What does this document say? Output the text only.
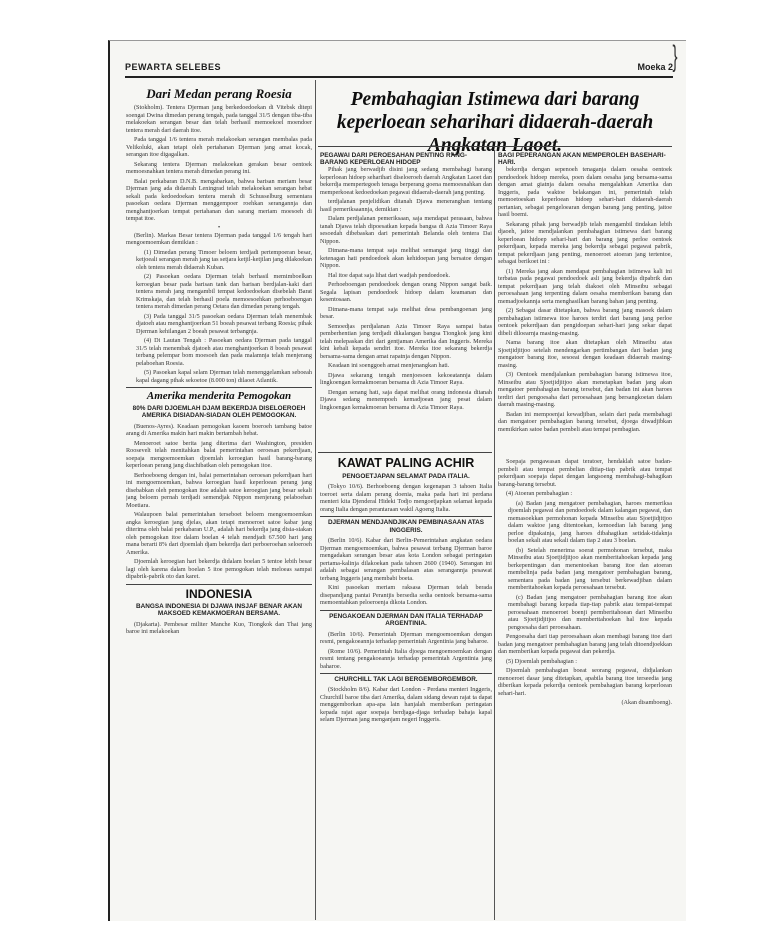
PEWARTA SELEBES	Moeka 2 }
Dari Medan perang Roesia

(Stokholm). Tentera Djerman jang berkedoedoekan di Vitebsk ditepi soengai Dwina dimedan perang tengah, pada tanggal 31/5 dengan tiba-tiba melakoekan serangan besar dan telah berhasil memoekoel moendoer tentera merah dari daerah itoe.

Pada tanggal 1/6 tentera merah melakoekan serangan membalas pada Velikoluki, akan tetapi oleh pertahanan Djerman jang amat kocak, serangan itoe digagalkan.

Sekarang tentera Djerman melakoekan gerakan besar oentoek memoesnahkan tentera merah dimedan perang ini.

Balai perkabaran D.N.B. mengabarkan, bahwa barisan meriam besar Djerman jang ada didaerah Leningrad telah melakoekan serangan hebat sekali pada kedoedoekan tentera merah di Schusselburg sementara pasoekan oedara Djerman menggempoer roehkan serangannja dan menghantjoerkan tempat pertahanan dan sarang meriam moesoeh di tempat itoe.

•

(Berlin). Markas Besar tentera Djerman pada tanggal 1/6 tengah hari mengoemoemkan demikian :

(1) Dimedan perang Timoer beloem terdjadi pertempoeran besar, ketjoeali serangan merah jang tas setjara ketjil-ketjilan jang dilakoekan oleh tentera merah didaerah Kuban.

(2) Pasoekan oedara Djerman telah berhasil memimboelkan keroegian besar pada barisan tank dan barisan berdjalan-kaki dari tentera merah jang mengambil tempat kedoedoekan disebelah Barat Krimskaja, dan telah berhasil poela memoesoehkan perhoeboengan tentera merah dimedan perang Oetara dan dimedan perang tengah.

(3) Pada tanggal 31/5 pasoekan oedara Djerman telah menembak djatoeh atau menghantjoerkan 51 boeah pesawat terbang Roesia; pihak Djerman kehilangan 2 boeah pesawat terbangnja.

(4) Di Lautan Tengah : Pasoekan oedara Djerman pada tanggal 31/5 telah menembak djatoeh atau menghantjoerkan 8 boeah pesawat terbang pelempar bom moesoeh dan pada malamnja telah menjerang pelaboehan Roesia.

(5) Pasoekan kapal selam Djerman telah menenggelamkan seboeah kapal dagang pihak sekoetoe (8.000 ton) dilaoet Atlantik.

Amerika menderita Pemogokan
80% DARI DJOEMLAH DJAM BEKERDJA DISELOEROEH AMERIKA DISIADAN-SIADAN OLEH PEMOGOKAN.

(Buenos-Ayres). Keadaan pemogokan kaoem boeroeh tambang batoe arang di Amerika makin hari makin bertambah hebat.

Menoeroet satoe berita jang diterima dari Washington, presiden Roosevelt telah menitahkan balai pemerintahan oeroesan pekerdjaan, soepaja mengoemoemkan djoemlah keroegian hasil barang-barang keperloean perang jang diachibatkan oleh pemogokan itoe.

Berhoeboeng dengan ini, balai pemerintahan oeroesan pekerdjaan hari ini mengoemoemkan, bahwa keroegian hasil keperloean perang jang disebabkan oleh pemogokan itoe adalah satoe keroegian jang besar sekali jang beloem pernah terdjadi semendjak Nippon menjerang pelaboehan Moetiara.

Walaupoen balai pemerintahan terseboet beloem mengoemoemkan angka keroegian jang djelas, akan tetapi menoeroet satoe kabar jang diterima oleh balai perkabaran U.P., adalah hari bekerdja jang disia-siakan oleh pemogokan itoe dalam boelan 4 telah mendjadi 67.500 hari jang mana berarti 8% dari djoemlah djam bekerdja dari perboeroehan seloeroeh Amerika.

Djoemlah keroegian hari bekerdja didalam boelan 5 tentoe lebih besar lagi oleh karena dalam boelan 5 itoe pemogokan telah meloeas sampai dipabrik-pabrik oto dan karet.

INDONESIA
BANGSA INDONESIA DI DJAWA INSJAF BENAR AKAN MAKSOED KEMAKMOERAN BERSAMA.

(Djakarta). Pembesar militer Manche Kuo, Tiongkok dan Thai jang baroe ini melakoekan

Pembahagian Istimewa dari barang keperloean seharihari didaerah-daerah Angkatan Laoet.
PEGAWAI DARI PEROESAHAN PENTING RANG-BARANG KEPERLOEAN HIDOEP
BAGI PEPERANGAN AKAN MEMPEROLEH BASEHARI-HARI.

Pihak jang berwadjib disini jang sedang membahagi barang keperloean hidoep seharihari diseloeroeh daerah Angkatan Laoet dan bekerdja mempertegoeh tenaga berperang goena memoesnahkan dan memperkoeat kedoedoekan pegawai didaerah-daerah jang penting.

terdjalanan penjelidikan ditanah Djawa meneranghan tentang hasil pemeriksaannja, demikian :

Dalam perdjalanan pemeriksaan, saja mendapat perasaan, bahwa tanah Djawa telah dipoesatkan kepada bangsa di Azia Timoer Raya sesoedah dibebaskan dari pemerintah Belanda oleh tentera Dai Nippon.

Dimana-mana tempat saja melihat semangat jang tinggi dan ketenagan hati pendoedoek akan kehidoepan jang bersatoe dengan Nippon.

Hal itoe dapat saja lihat dari wadjah pendoedoek.

Perhoeboengan pendoedoek dengan orang Nippon sangat baik. Segala lapisan pendoedoek hidoep dalam keamanan dan kesentosaan.

Dimana-mana tempat saja melihat desa pembangoenan jang besar.

Semoedjas perdjalanan Azia Timoer Raya sampai batas pemberhentian jang terdjadi dikalangan bangsa Tiongkok jang kini telah melepaskan diri dari gentjaman Amerika dan Inggeris. Mereka kini kebali kepada sendiri itoe. Mereka itoe sekarang bekerdja bersama-sama dengan amat rapatnja dengan Nippon.

Keadaan ini soenggoeh amat menjenangkan hati.

Djawa sekarang tengah menjoesoen kekoeatannja dalam lingkoengan kemakmoeran bersama di Azia Timoer Raya.

Dengan senang hati, saja dapat melihat orang indonesia ditanah Djawa sedang menempoeh kemadjoean jang pesat dalam lingkoengan kemakmoeran bersama di Azia Timoer Raya.

bekerdja dengan sepenoeh tenaganja dalam oesaha oentoek pendoedoek hidoep mereka, poen dalam oesaha jang bersama-sama dengan amat giatnja dalam oesaha mengalahkan Amerika dan Inggeris, pada waktoe belakangan ini, pemerintah telah memoetoeskan keperloean hidoep sehari-hari didaerah-daerah pertanian, sebagai pengeloearan dengan barang jang penting, jaitoe hasil boemi.

Sekarang pihak jang berwadjib telah mengambil tindakan lebih djaoeh, jaitoe mendjalankan pembahagian istimewa dari barang keperloean hidoep sehari-hari dan barang jang perloe oentoek pekerdjaan, kepada mereka jang bekerdja sebagai pegawai pabrik, tempat pekerdjaan jang penting, menoeroet atoeran jang tertentoe, sebagai berikoet ini :

(1) Mereka jang akan mendapat pembahagian istimewa kali ini terbatas pada pegawai pendoedoek asli jang bekerdja dipabrik dan tempat pekerdjaan jang telah diakoei oleh Minseibu sebagai peroesahaan jang terpenting dalam oesaha memberikan barang dan memadjoekannja serta menghasilkan barang bahan jang penting.

(2) Sebagai dasar ditetapkan, bahwa barang jang masoek dalam pembahagian istimewa itoe haroes terdiri dari barang jang perloe oentoek pekerdjaan dan pengidoepan sehari-hari jang sekar dapat dibeli diloearnja masing-masing.

Nama barang itoe akan ditetapkan oleh Minseibu atas Sjoetjidjitjoo setelah mendengarkan pertimbangan dari badan jang mengatoer barang itoe, sesoeai dengan keadaan didaerah masing-masing.

(3) Oentoek mendjalankan pembahagian barang istimewa itoe, Minseibu atau Sjoetjidjitjoo akan menetapkan badan jang akan mengatoer pembahagian barang tersebut, dan badan ini akan haroes terdiri dari pengoesaha dari peroesahaan jang bersangkoetan dalam daerah masing-masing.

Badan ini mempoenjai kewadjiban, selain dari pada membahagi dan mengatoer pembahagian barang tersebut, djoega diwadjibkan memikirkan satoe badan pembeli atau tempat pembagian.

Soepaja pengawasan dapat teratoer, hendaklah satoe badan-pembeli atau tempat pembelian ditiap-tiap pabrik atau tempat pekerdjaan soepaja dapat dengan langsoeng membahagi-bahagikan barang-barang tersebut.

(4) Atoeran pembahagian :

(a) Badan jang mengatoer pembahagian, haroes memeriksa djoemlah pegawai dan pendoedoek dalam kalangan pegawai, dan memasoekkan permohonan kepada Minseibu atau Sjoetjidjitjoo dalam waktoe jang ditentoekan, kemoedian lah barang jang perloe dipakainja, jang haroes dibahagikan setidak-tidaknja boelan sekali atau sekali dalam tiap 2 atau 3 boelan.

(b) Setelah menerima soerat permohonan tersebut, maka Minseibu atau Sjoetjidjitjoo akan memberitahoekan kepada jang berkepentingan dan menentoekan barang itoe dan atoeran membelinja pada badan jang mengatoer pembahagian barang, sementara pada badan jang tersebut berkewadjiban dalam memberitahoekan kepada peroesahaan tersebut.

(c) Badan jang mengatoer pembahagian barang itoe akan membahagi barang kepada tiap-tiap pabrik atau tempat-tempat peroesahaan menoeroet boenji permberitahoean dari Minseibu atau Sjoetjidjitjoo dan memberitahoekan hal itoe kepada pengoesaha dari peroesahaan.

Pengoesaha dari tiap peroesahaan akan membagi barang itoe dari badan jang mengatoer pembahagian barang jang telah ditoendjoekkan dan memberikan kepada pegawai dan pekerdja.

(5) Djoemlah pembahagian :

Djoemlah pembahagian boeat seorang pegawai, didjalankan menoeroet dasar jang ditetapkan, apabila barang itoe terseedia jang diberikan kepada pekerdja oentoek pembahagian barang keperloean sehari-hari.

(Akan disamboeng).

KAWAT PALING ACHIR
PENGOETJAPAN SELAMAT PADA ITALIA.

(Tokyo 10/6). Berhoeboeng dengan kegenapan 3 tahoen Italia toeroet serta dalam perang doenia, maka pada hari ini perdana menteri kita Djenderal Hideki Todjo mengoetjapkan selamat kepada orang Italia dengan perantaraan wakil Agoeng Italia.

DJERMAN MENDJANDJIKAN PEMBINASAAN ATAS INGGERIS.

(Berlin 10/6). Kabar dari Berlin-Pemerintahan angkatan oedara Djerman mengoemoemkan, bahwa pesawat terbang Djerman baroe mengadakan serangan besar atas kota London sebagai peringatan pertama-kalinja dilakoekan pada tahoen 2600 (1940). Serangan ini adalah sebagai serangan pembalasan atas serangannja pesawat terbang Inggeris jang membabi boeta.

Kini pasoekan meriam raksasa Djerman telah berada disepandjang pantai Perantjis bersedia sedia oentoek bersama-sama memoentahkan peloeroenja dikota London.

PENGAKOEAN DJERMAN DAN ITALIA TERHADAP ARGENTINIA.

(Berlin 10/6). Pemerintah Djerman mengoemoemkan dengan resmi, pengakoeannja terhadap pemerintah Argentinia jang baharoe.

(Rome 10/6). Pemerintah Italia djoega mengoemoemkan dengan resmi tentang pengakoeannja terhadap pemerintah Argentinia jang baharoe.

CHURCHILL TAK LAGI BERGEMBORGEMBOR.

(Stockholm 8/6). Kabar dari London - Perdana menteri Inggeris, Churchill baroe tiba dari Amerika, dalam sidang dewan rajat ta dapat menggemborkan apa-apa lain hanjalah memberikan peringatan kepada rajat agar soepaja berdjaga-djaga terhadap bahaja kapal selam Djerman jang menganjam negeri Inggeris.
